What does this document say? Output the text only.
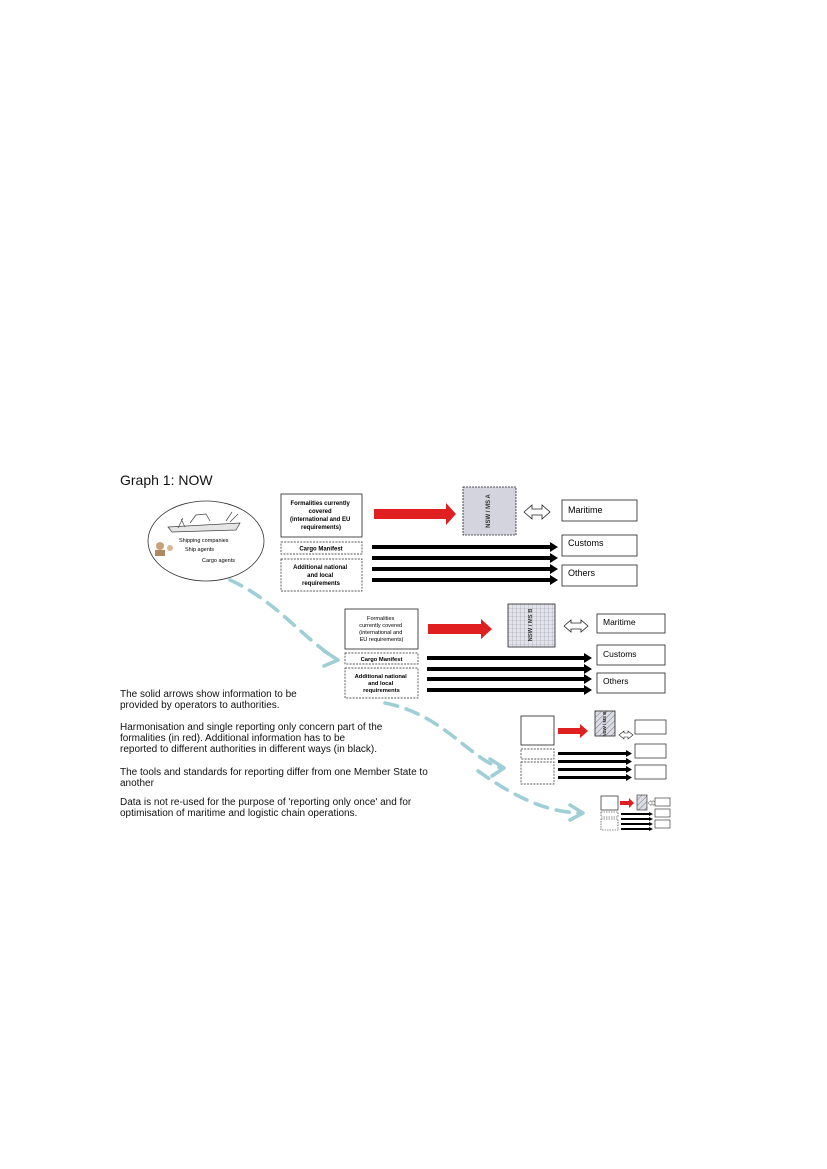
Graph 1: NOW
Shipping companies
Ship agents
Cargo agents
Formalities currently covered (international and EU requirements)
Cargo Manifest
Additional national and local requirements
NSW / MS A	Maritime
Customs
Others
Formalities currently covered (international and EU requirements)
Cargo Manifest
Additional national and local requirements
NSW / MS B	Maritime
Customs
Others
NSW / MS B

The solid arrows show information to be
provided by operators to authorities.

Harmonisation and single reporting only concern part of the
formalities (in red). Additional information has to be
reported to different authorities in different ways (in black).

The tools and standards for reporting differ from one Member State to
another

Data is not re-used for the purpose of 'reporting only once' and for
optimisation of maritime and logistic chain operations.
